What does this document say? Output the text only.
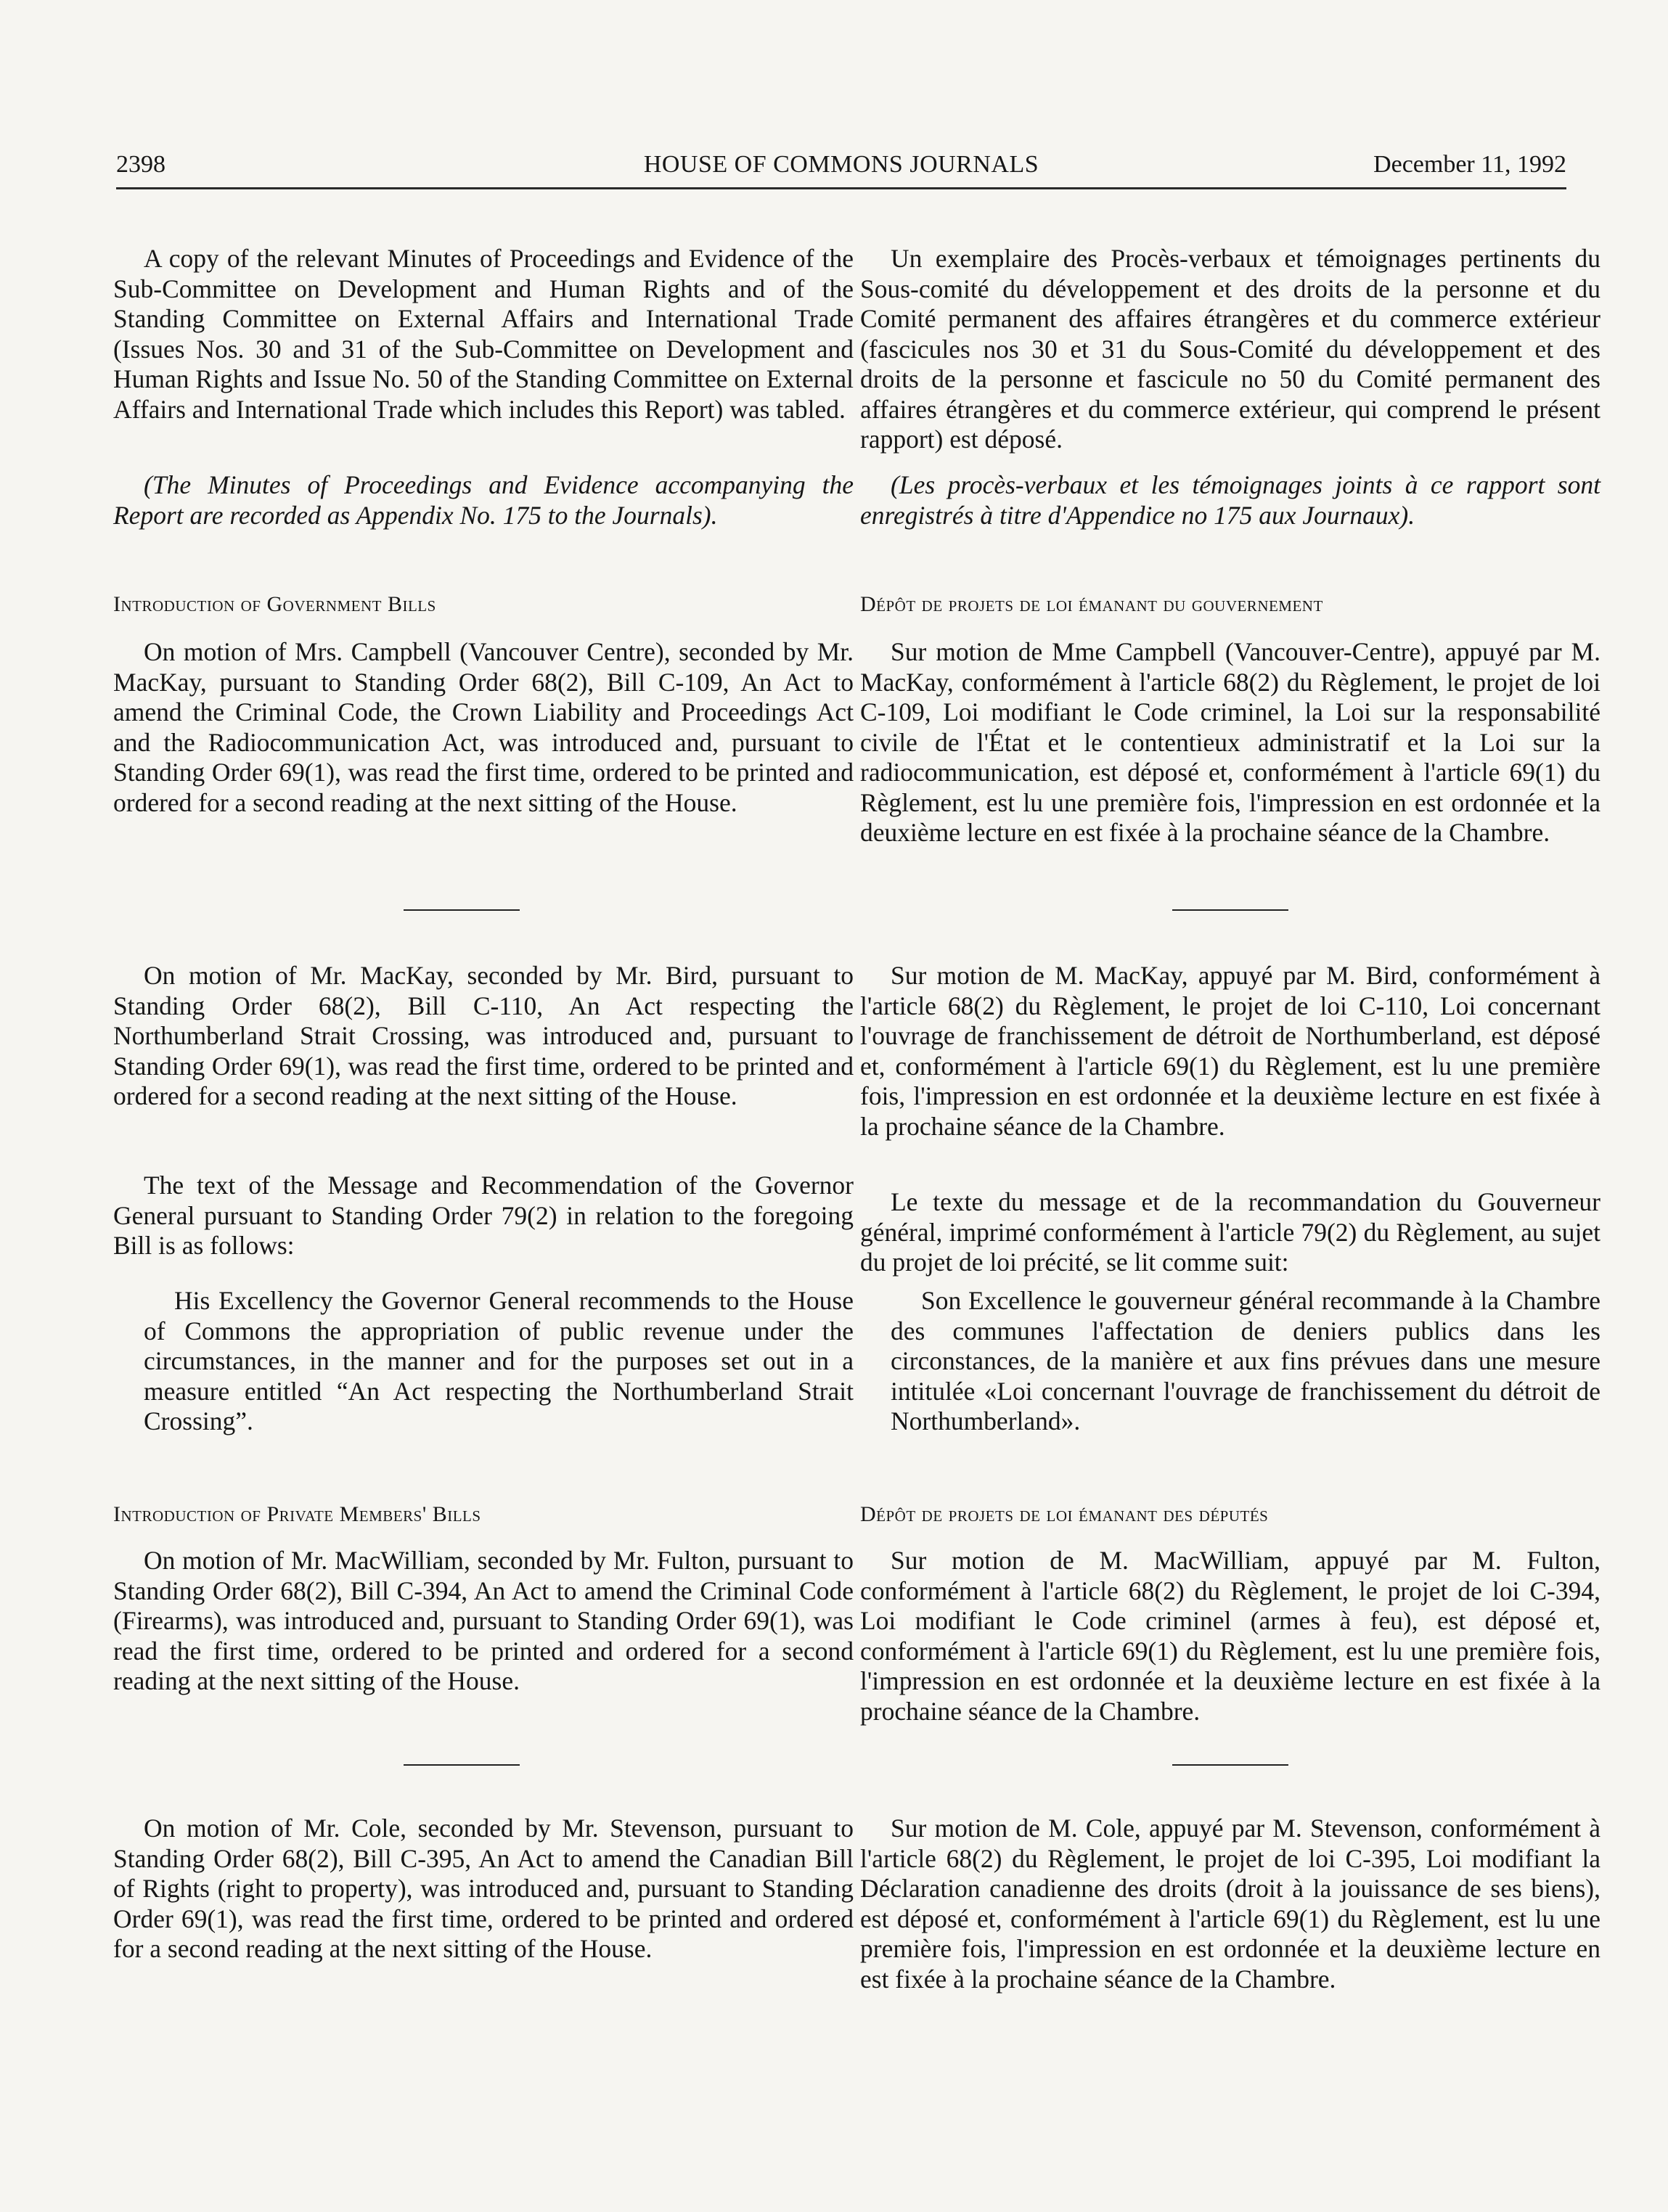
2398	HOUSE OF COMMONS JOURNALS	December 11, 1992

A copy of the relevant Minutes of Proceedings and Evidence of the Sub-Committee on Development and Human Rights and of the Standing Committee on External Affairs and International Trade (Issues Nos. 30 and 31 of the Sub-Committee on Development and Human Rights and Issue No. 50 of the Standing Committee on External Affairs and International Trade which includes this Report) was tabled.

(The Minutes of Proceedings and Evidence accompanying the Report are recorded as Appendix No. 175 to the Journals).

Introduction of Government Bills

On motion of Mrs. Campbell (Vancouver Centre), seconded by Mr. MacKay, pursuant to Standing Order 68(2), Bill C-109, An Act to amend the Criminal Code, the Crown Liability and Proceedings Act and the Radiocommunication Act, was introduced and, pursuant to Standing Order 69(1), was read the first time, ordered to be printed and ordered for a second reading at the next sitting of the House.

On motion of Mr. MacKay, seconded by Mr. Bird, pursuant to Standing Order 68(2), Bill C-110, An Act respecting the Northumberland Strait Crossing, was introduced and, pursuant to Standing Order 69(1), was read the first time, ordered to be printed and ordered for a second reading at the next sitting of the House.

The text of the Message and Recommendation of the Governor General pursuant to Standing Order 79(2) in relation to the foregoing Bill is as follows:

His Excellency the Governor General recommends to the House of Commons the appropriation of public revenue under the circumstances, in the manner and for the purposes set out in a measure entitled “An Act respecting the Northumberland Strait Crossing”.

Introduction of Private Members' Bills

On motion of Mr. MacWilliam, seconded by Mr. Fulton, pursuant to Standing Order 68(2), Bill C-394, An Act to amend the Criminal Code (Firearms), was introduced and, pursuant to Standing Order 69(1), was read the first time, ordered to be printed and ordered for a second reading at the next sitting of the House.

On motion of Mr. Cole, seconded by Mr. Stevenson, pursuant to Standing Order 68(2), Bill C-395, An Act to amend the Canadian Bill of Rights (right to property), was introduced and, pursuant to Standing Order 69(1), was read the first time, ordered to be printed and ordered for a second reading at the next sitting of the House.

Un exemplaire des Procès-verbaux et témoignages pertinents du Sous-comité du développement et des droits de la personne et du Comité permanent des affaires étrangères et du commerce extérieur (fascicules nos 30 et 31 du Sous-Comité du développement et des droits de la personne et fascicule no 50 du Comité permanent des affaires étrangères et du commerce extérieur, qui comprend le présent rapport) est déposé.

(Les procès-verbaux et les témoignages joints à ce rapport sont enregistrés à titre d'Appendice no 175 aux Journaux).

Dépôt de projets de loi émanant du gouvernement

Sur motion de Mme Campbell (Vancouver-Centre), appuyé par M. MacKay, conformément à l'article 68(2) du Règlement, le projet de loi C-109, Loi modifiant le Code criminel, la Loi sur la responsabilité civile de l'État et le contentieux administratif et la Loi sur la radiocommunication, est déposé et, conformément à l'article 69(1) du Règlement, est lu une première fois, l'impression en est ordonnée et la deuxième lecture en est fixée à la prochaine séance de la Chambre.

Sur motion de M. MacKay, appuyé par M. Bird, conformément à l'article 68(2) du Règlement, le projet de loi C-110, Loi concernant l'ouvrage de franchissement de détroit de Northumberland, est déposé et, conformément à l'article 69(1) du Règlement, est lu une première fois, l'impression en est ordonnée et la deuxième lecture en est fixée à la prochaine séance de la Chambre.

Le texte du message et de la recommandation du Gouverneur général, imprimé conformément à l'article 79(2) du Règlement, au sujet du projet de loi précité, se lit comme suit:

Son Excellence le gouverneur général recommande à la Chambre des communes l'affectation de deniers publics dans les circonstances, de la manière et aux fins prévues dans une mesure intitulée «Loi concernant l'ouvrage de franchissement du détroit de Northumberland».

Dépôt de projets de loi émanant des députés

Sur motion de M. MacWilliam, appuyé par M. Fulton, conformément à l'article 68(2) du Règlement, le projet de loi C-394, Loi modifiant le Code criminel (armes à feu), est déposé et, conformément à l'article 69(1) du Règlement, est lu une première fois, l'impression en est ordonnée et la deuxième lecture en est fixée à la prochaine séance de la Chambre.

Sur motion de M. Cole, appuyé par M. Stevenson, conformément à l'article 68(2) du Règlement, le projet de loi C-395, Loi modifiant la Déclaration canadienne des droits (droit à la jouissance de ses biens), est déposé et, conformément à l'article 69(1) du Règlement, est lu une première fois, l'impression en est ordonnée et la deuxième lecture en est fixée à la prochaine séance de la Chambre.
